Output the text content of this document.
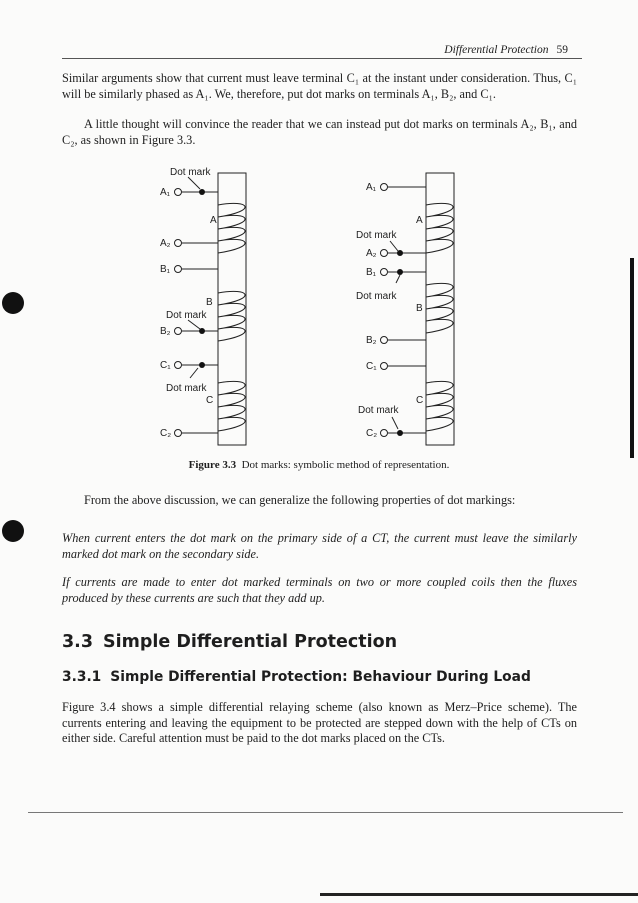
Differential Protection 59
Similar arguments show that current must leave terminal C₁ at the instant under consideration. Thus, C₁ will be similarly phased as A₁. We, therefore, put dot marks on terminals A₁, B₂, and C₁.
A little thought will convince the reader that we can instead put dot marks on terminals A₂, B₁, and C₂, as shown in Figure 3.3.
Dot mark
A₁
A₂
B₁
B₂
C₁
C₂
A
B
C
Dot mark
Dot mark
A₁
A₂
B₁
B₂
C₁
C₂
A
B
C
Dot mark
Dot mark
Dot mark
Figure 3.3 Dot marks: symbolic method of representation.
From the above discussion, we can generalize the following properties of dot markings:
When current enters the dot mark on the primary side of a CT, the current must leave the similarly marked dot mark on the secondary side.
If currents are made to enter dot marked terminals on two or more coupled coils then the fluxes produced by these currents are such that they add up.
3.3 Simple Differential Protection
3.3.1 Simple Differential Protection: Behaviour During Load
Figure 3.4 shows a simple differential relaying scheme (also known as Merz–Price scheme). The currents entering and leaving the equipment to be protected are stepped down with the help of CTs on either side. Careful attention must be paid to the dot marks placed on the CTs.
